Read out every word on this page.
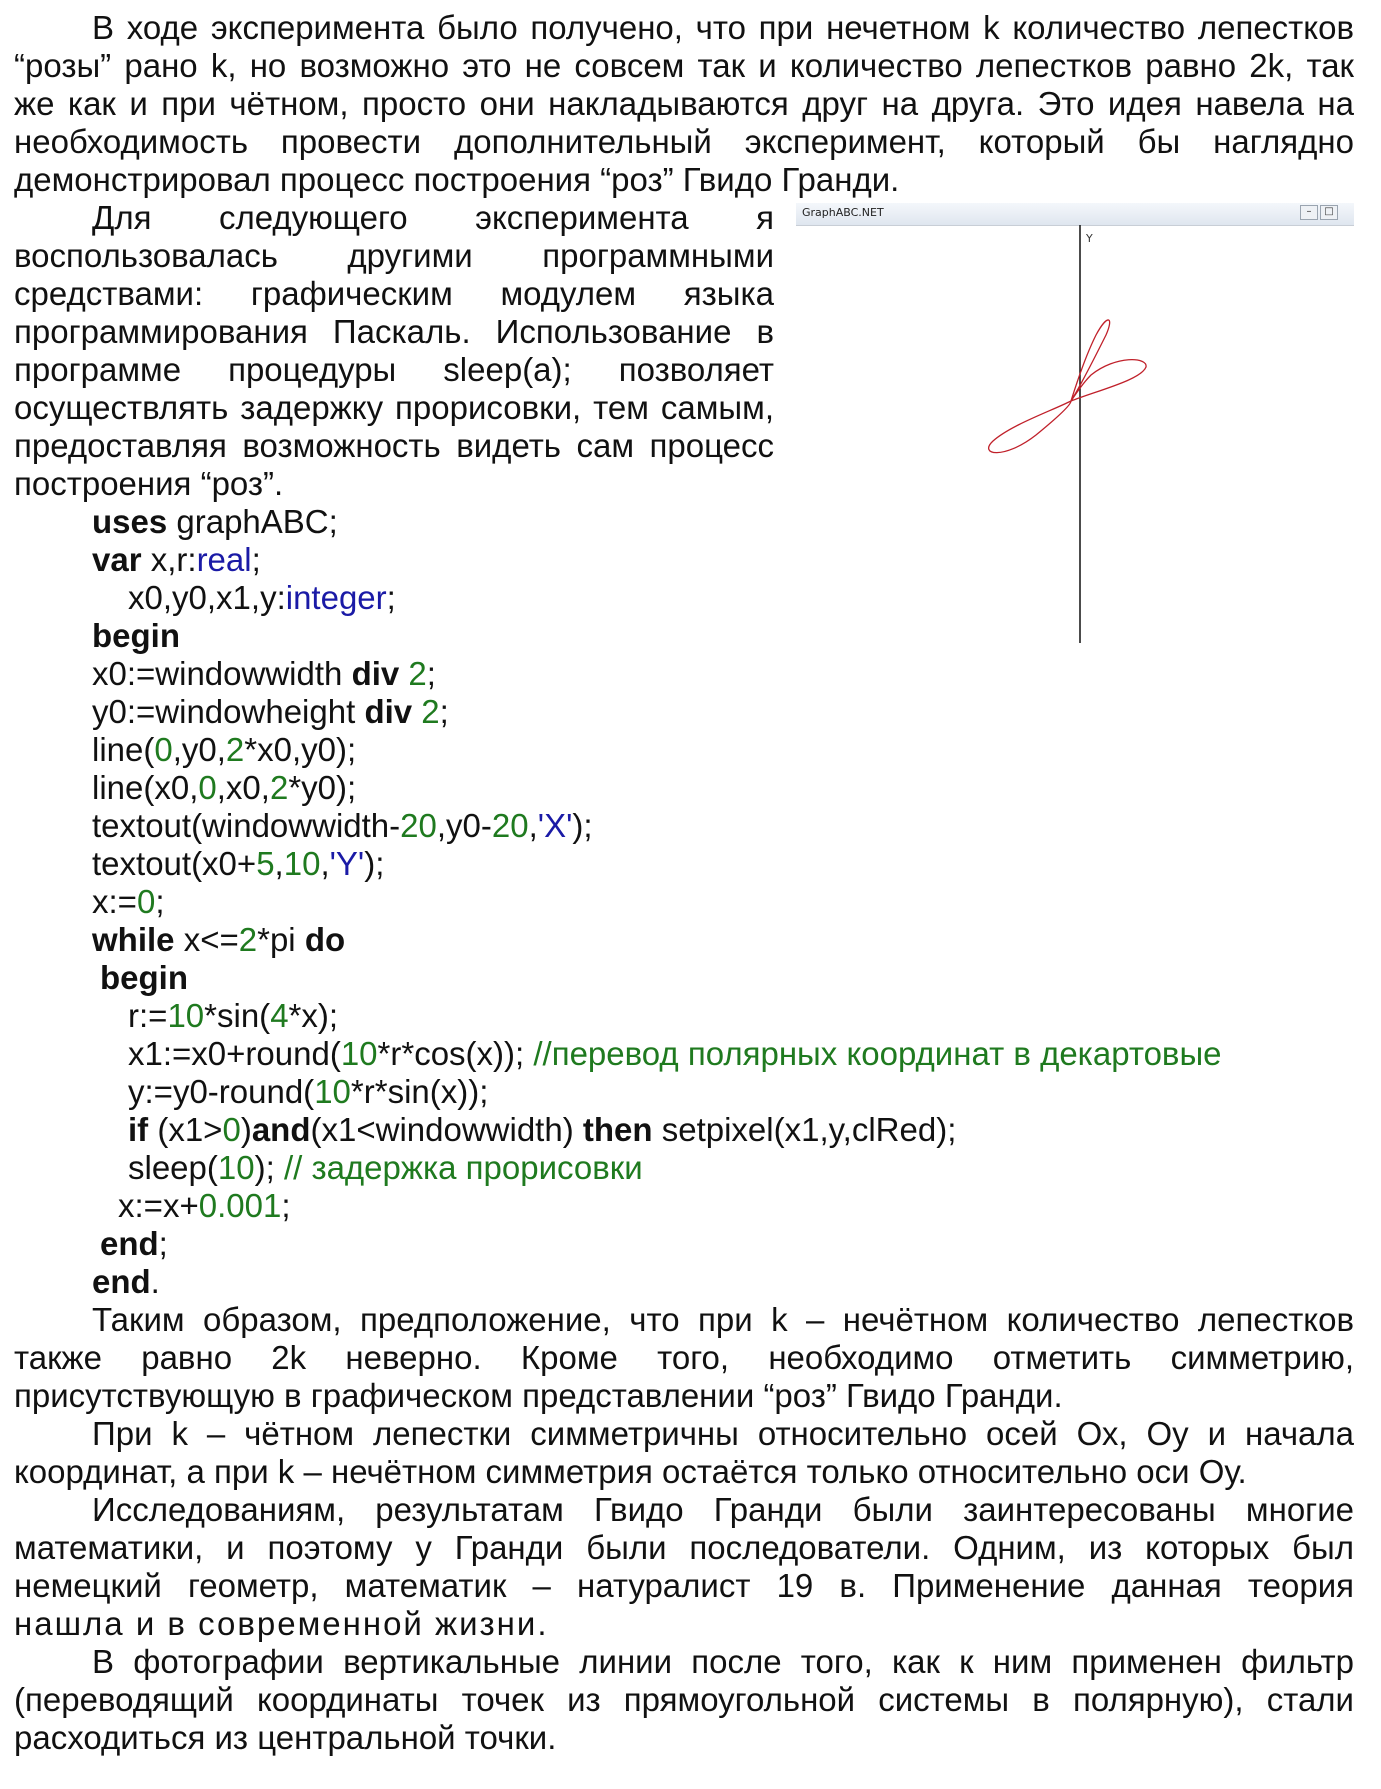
В ходе эксперимента было получено, что при нечетном k количество лепестков
“розы” рано k, но возможно это не совсем так и количество лепестков равно 2k, так
же как и при чётном, просто они накладываются друг на друга. Это идея навела на
необходимость провести дополнительный эксперимент, который бы наглядно
демонстрировал процесс построения “роз” Гвидо Гранди.
Для следующего эксперимента я
воспользовалась другими программными
средствами: графическим модулем языка
программирования Паскаль. Использование в
программе процедуры sleep(a); позволяет
осуществлять задержку прорисовки, тем самым,
предоставляя возможность видеть сам процесс
построения “роз”.
GraphABC.NET	–	□
Y
uses graphABC;
var x,r:real;
x0,y0,x1,y:integer;
begin
x0:=windowwidth div 2;
y0:=windowheight div 2;
line(0,y0,2*x0,y0);
line(x0,0,x0,2*y0);
textout(windowwidth-20,y0-20,'X');
textout(x0+5,10,'Y');
x:=0;
while x<=2*pi do
begin
r:=10*sin(4*x);
x1:=x0+round(10*r*cos(x)); //перевод полярных координат в декартовые
y:=y0-round(10*r*sin(x));
if (x1>0)and(x1<windowwidth) then setpixel(x1,y,clRed);
sleep(10); // задержка прорисовки
x:=x+0.001;
end;
end.
Таким образом, предположение, что при k – нечётном количество лепестков
также равно 2k неверно. Кроме того, необходимо отметить симметрию,
присутствующую в графическом представлении “роз” Гвидо Гранди.
При k – чётном лепестки симметричны относительно осей Ох, Оу и начала
координат, а при k – нечётном симметрия остаётся только относительно оси Оу.
Исследованиям, результатам Гвидо Гранди были заинтересованы многие
математики, и поэтому у Гранди были последователи. Одним, из которых был
немецкий геометр, математик – натуралист 19 в. Применение данная теория
нашла и в современной жизни.
В фотографии вертикальные линии после того, как к ним применен фильтр
(переводящий координаты точек из прямоугольной системы в полярную), стали
расходиться из центральной точки.
